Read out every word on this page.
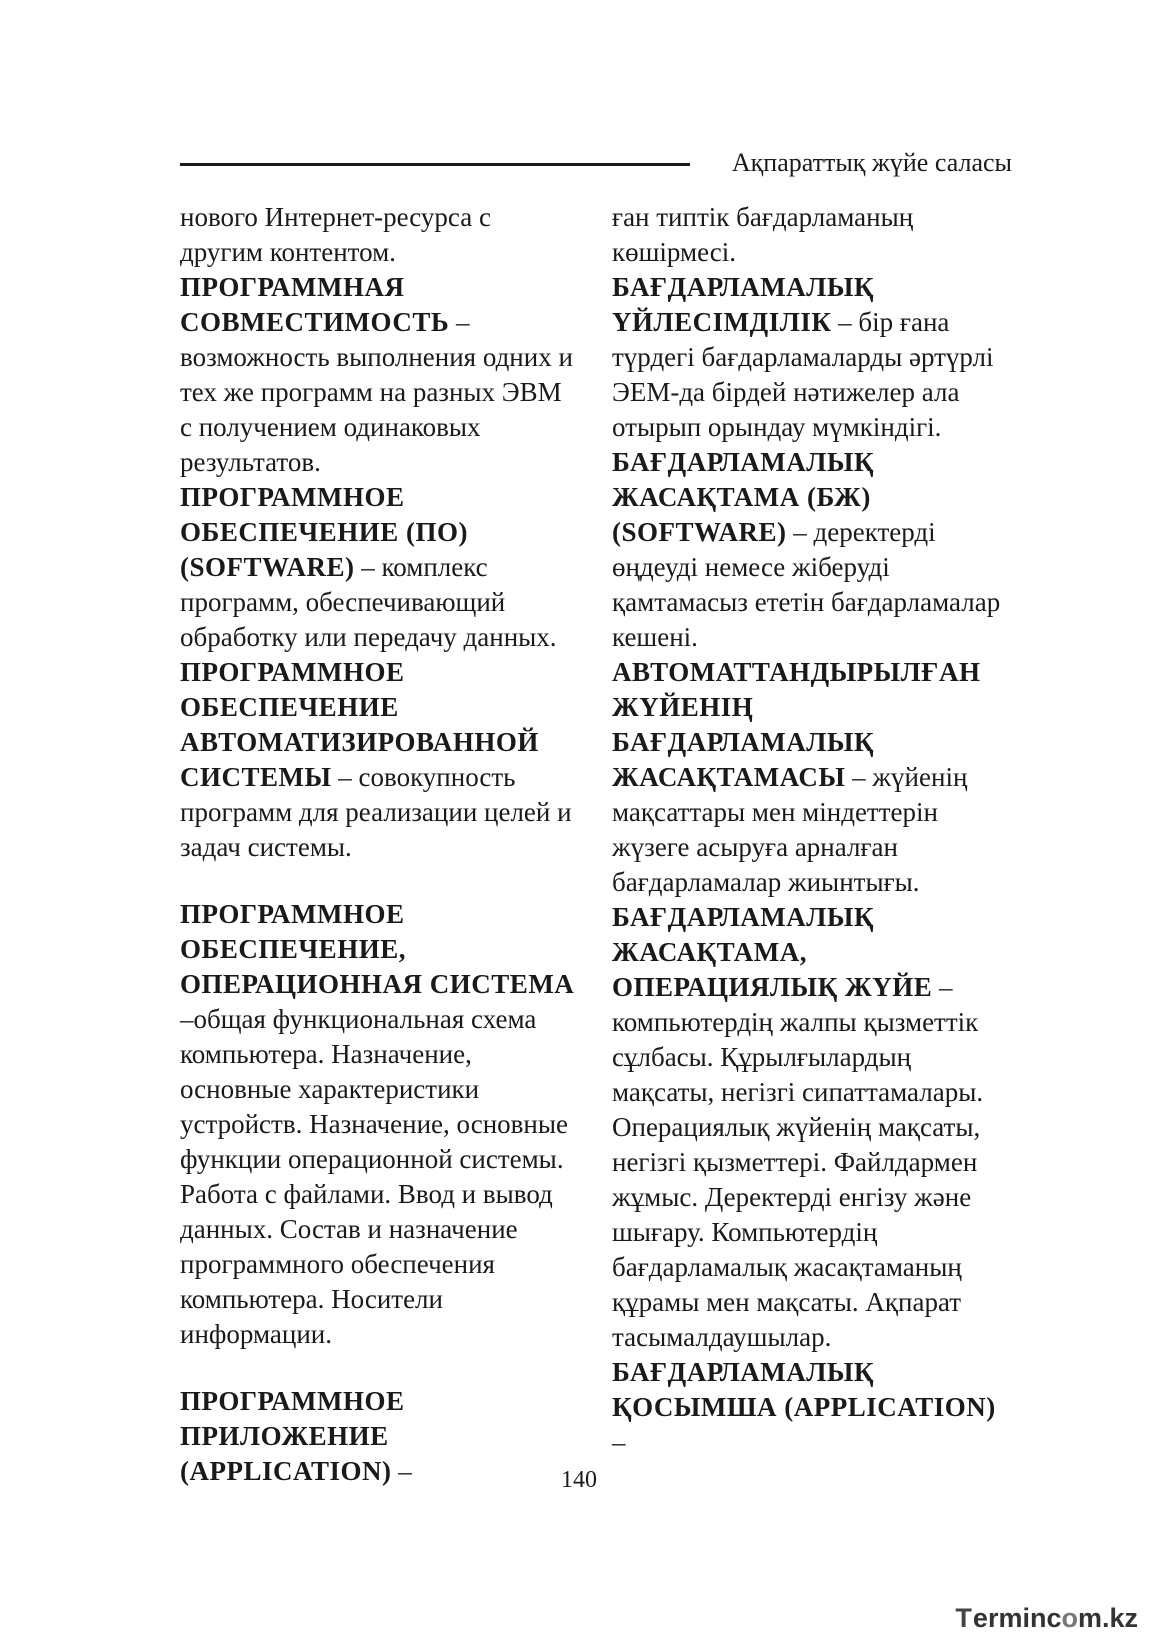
Ақпараттық жүйе саласы

нового Интернет-ресурса с другим контентом.

ПРОГРАММНАЯ СОВМЕСТИМОСТЬ – возможность выполнения одних и тех же программ на разных ЭВМ с получением одинаковых результатов.

ПРОГРАММНОЕ ОБЕСПЕЧЕНИЕ (ПО) (SOFTWARE) – комплекс программ, обеспечивающий обработку или передачу данных.

ПРОГРАММНОЕ ОБЕСПЕЧЕНИЕ АВТОМАТИЗИРОВАННОЙ СИСТЕМЫ – совокупность программ для реализации целей и задач системы.

ПРОГРАММНОЕ ОБЕСПЕЧЕНИЕ, ОПЕРАЦИОННАЯ СИСТЕМА –общая функциональная схема компьютера. Назначение, основные характеристики устройств. Назначение, основные функции операционной системы. Работа с файлами. Ввод и вывод данных. Состав и назначение программного обеспечения компьютера. Носители информации.

ПРОГРАММНОЕ ПРИЛОЖЕНИЕ (APPLICATION) –

ған типтік бағдарламаның көшірмесі.

БАҒДАРЛАМАЛЫҚ ҮЙЛЕСІМДІЛІК – бір ғана түрдегі бағдарламаларды әртүрлі ЭЕМ-да бірдей нәтижелер ала отырып орындау мүмкіндігі.

БАҒДАРЛАМАЛЫҚ ЖАСАҚТАМА (БЖ) (SOFTWARE) – деректерді өңдеуді немесе жіберуді қамтамасыз ететін бағдарламалар кешені.

АВТОМАТТАНДЫРЫЛҒАН ЖҮЙЕНІҢ БАҒДАРЛАМАЛЫҚ ЖАСАҚТАМАСЫ – жүйенің мақсаттары мен міндеттерін жүзеге асыруға арналған бағдарламалар жиынтығы.

БАҒДАРЛАМАЛЫҚ ЖАСАҚТАМА, ОПЕРАЦИЯЛЫҚ ЖҮЙЕ – компьютердің жалпы қызметтік сұлбасы. Құрылғылардың мақсаты, негізгі сипаттамалары. Операциялық жүйенің мақсаты, негізгі қызметтері. Файлдармен жұмыс. Деректерді енгізу және шығару. Компьютердің бағдарламалық жасақтаманың құрамы мен мақсаты. Ақпарат тасымалдаушылар.

БАҒДАРЛАМАЛЫҚ ҚОСЫМША (APPLICATION) –

140
T erminc o m.kz
